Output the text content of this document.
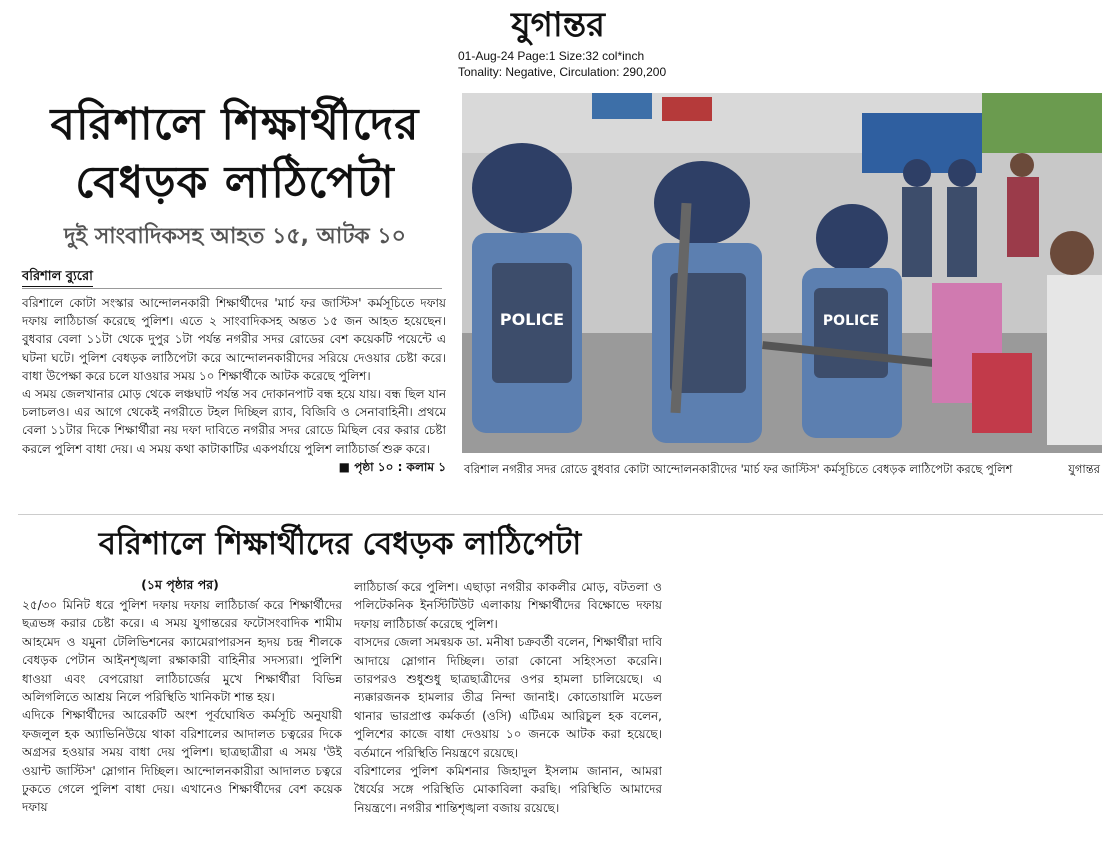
যুগান্তর
01-Aug-24 Page:1 Size:32 col*inch
Tonality: Negative, Circulation: 290,200
বরিশালে শিক্ষার্থীদের
বেধড়ক লাঠিপেটা
দুই সাংবাদিকসহ আহত ১৫, আটক ১০
বরিশাল ব্যুরো

বরিশালে কোটা সংস্কার আন্দোলনকারী শিক্ষার্থীদের 'মার্চ ফর জাস্টিস' কর্মসূচিতে দফায় দফায় লাঠিচার্জ করেছে পুলিশ। এতে ২ সাংবাদিকসহ অন্তত ১৫ জন আহত হয়েছেন। বুধবার বেলা ১১টা থেকে দুপুর ১টা পর্যন্ত নগরীর সদর রোডের বেশ কয়েকটি পয়েন্টে এ ঘটনা ঘটে। পুলিশ বেধড়ক লাঠিপেটা করে আন্দোলনকারীদের সরিয়ে দেওয়ার চেষ্টা করে। বাধা উপেক্ষা করে চলে যাওয়ার সময় ১০ শিক্ষার্থীকে আটক করেছে পুলিশ।

এ সময় জেলখানার মোড় থেকে লঞ্চঘাট পর্যন্ত সব দোকানপাট বন্ধ হয়ে যায়। বন্ধ ছিল যান চলাচলও। এর আগে থেকেই নগরীতে টহল দিচ্ছিল র‍্যাব, বিজিবি ও সেনাবাহিনী। প্রথমে বেলা ১১টার দিকে শিক্ষার্থীরা নয় দফা দাবিতে নগরীর সদর রোডে মিছিল বের করার চেষ্টা করলে পুলিশ বাধা দেয়। এ সময় কথা কাটাকাটির একপর্যায়ে পুলিশ লাঠিচার্জ শুরু করে।
■ পৃষ্ঠা ১০ : কলাম ১

POLICE	POLICE
বরিশাল নগরীর সদর রোডে বুধবার কোটা আন্দোলনকারীদের 'মার্চ ফর জাস্টিস' কর্মসূচিতে বেধড়ক লাঠিপেটা করছে পুলিশ	যুগান্তর
বরিশালে শিক্ষার্থীদের বেধড়ক লাঠিপেটা
(১ম পৃষ্ঠার পর)

২৫/৩০ মিনিট ধরে পুলিশ দফায় দফায় লাঠিচার্জ করে শিক্ষার্থীদের ছত্রভঙ্গ করার চেষ্টা করে। এ সময় যুগান্তরের ফটোসংবাদিক শামীম আহমেদ ও যমুনা টেলিভিশনের ক্যামেরাপারসন হৃদয় চন্দ্র শীলকে বেধড়ক পেটান আইনশৃঙ্খলা রক্ষাকারী বাহিনীর সদস্যরা। পুলিশি ধাওয়া এবং বেপরোয়া লাঠিচার্জের মুখে শিক্ষার্থীরা বিভিন্ন অলিগলিতে আশ্রয় নিলে পরিস্থিতি খানিকটা শান্ত হয়।

এদিকে শিক্ষার্থীদের আরেকটি অংশ পূর্বঘোষিত কর্মসূচি অনুযায়ী ফজলুল হক অ্যাভিনিউয়ে থাকা বরিশালের আদালত চত্বরের দিকে অগ্রসর হওয়ার সময় বাধা দেয় পুলিশ। ছাত্রছাত্রীরা এ সময় 'উই ওয়ান্ট জাস্টিস' স্লোগান দিচ্ছিল। আন্দোলনকারীরা আদালত চত্বরে ঢুকতে গেলে পুলিশ বাধা দেয়। এখানেও শিক্ষার্থীদের বেশ কয়েক দফায়

লাঠিচার্জ করে পুলিশ। এছাড়া নগরীর কাকলীর মোড়, বটতলা ও পলিটেকনিক ইনস্টিটিউট এলাকায় শিক্ষার্থীদের বিক্ষোভে দফায় দফায় লাঠিচার্জ করেছে পুলিশ।

বাসদের জেলা সমন্বয়ক ডা. মনীষা চক্রবর্তী বলেন, শিক্ষার্থীরা দাবি আদায়ে স্লোগান দিচ্ছিল। তারা কোনো সহিংসতা করেনি। তারপরও শুধুশুধু ছাত্রছাত্রীদের ওপর হামলা চালিয়েছে। এ ন্যক্কারজনক হামলার তীব্র নিন্দা জানাই। কোতোয়ালি মডেল থানার ভারপ্রাপ্ত কর্মকর্তা (ওসি) এটিএম আরিচুল হক বলেন, পুলিশের কাজে বাধা দেওয়ায় ১০ জনকে আটক করা হয়েছে। বর্তমানে পরিস্থিতি নিয়ন্ত্রণে রয়েছে।

বরিশালের পুলিশ কমিশনার জিহাদুল ইসলাম জানান, আমরা ধৈর্যের সঙ্গে পরিস্থিতি মোকাবিলা করছি। পরিস্থিতি আমাদের নিয়ন্ত্রণে। নগরীর শান্তিশৃঙ্খলা বজায় রয়েছে।
